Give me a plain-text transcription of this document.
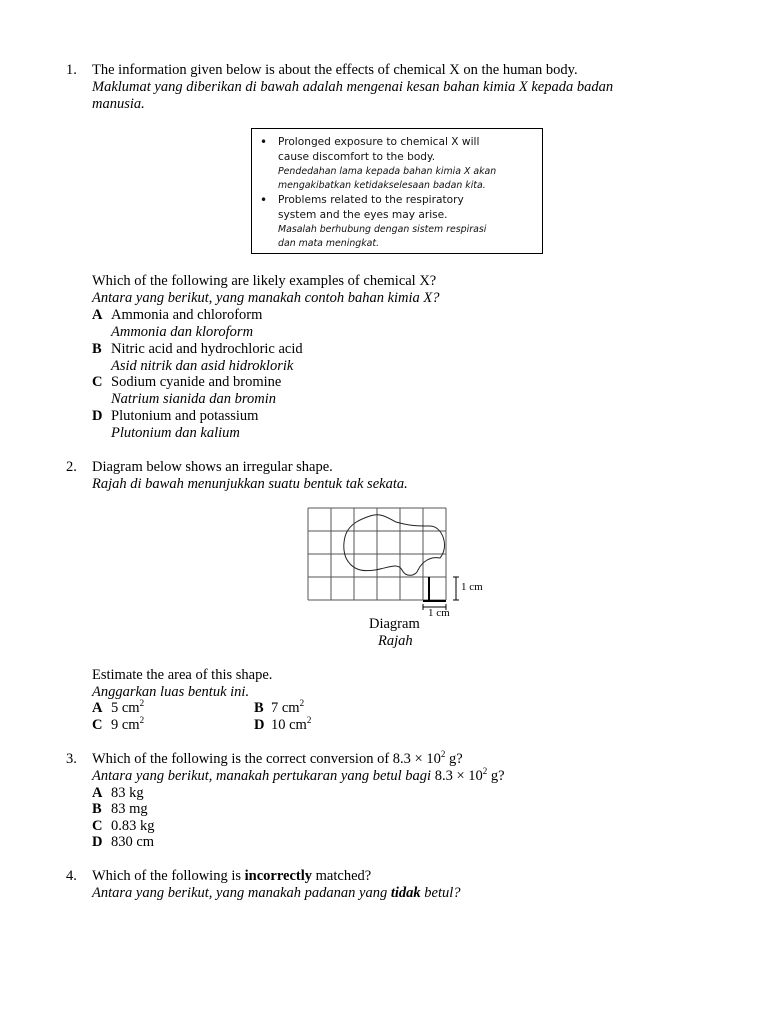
1. The information given below is about the effects of chemical X on the human body.
Maklumat yang diberikan di bawah adalah mengenai kesan bahan kimia X kepada badan
manusia.
• Prolonged exposure to chemical X will
cause discomfort to the body.
Pendedahan lama kepada bahan kimia X akan
mengakibatkan ketidakselesaan badan kita.
• Problems related to the respiratory
system and the eyes may arise.
Masalah berhubung dengan sistem respirasi
dan mata meningkat.
Which of the following are likely examples of chemical X?
Antara yang berikut, yang manakah contoh bahan kimia X?
A Ammonia and chloroform
Ammonia dan kloroform
B Nitric acid and hydrochloric acid
Asid nitrik dan asid hidroklorik
C Sodium cyanide and bromine
Natrium sianida dan bromin
D Plutonium and potassium
Plutonium dan kalium
2. Diagram below shows an irregular shape.
Rajah di bawah menunjukkan suatu bentuk tak sekata.
1 cm
1 cm
Diagram
Rajah
Estimate the area of this shape.
Anggarkan luas bentuk ini.
A 5 $cm^2$	B 7 $cm^2$
C 9 $cm^2$	D 10 $cm^2$
3. Which of the following is the correct conversion of $8.3 \times 10^2$ g?
Antara yang berikut, manakah pertukaran yang betul bagi $8.3 \times 10^2$ g?
A 83 kg
B 83 mg
C 0.83 kg
D 830 cm
4. Which of the following is incorrectly matched?
Antara yang berikut, yang manakah padanan yang tidak betul?
